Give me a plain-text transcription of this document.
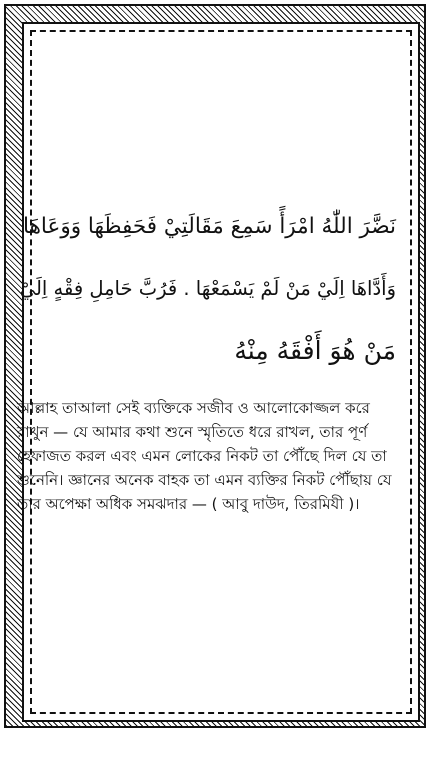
نَضَّرَ اللّٰهُ امْرَأً سَمِعَ مَقَالَتِيْ فَحَفِظَهَا وَوَعَاهَا
وَأَدَّاهَا اِلَيْ مَنْ لَمْ يَسْمَعْهَا . فَرُبَّ حَامِلِ فِقْهٍ اِلَيْ
مَنْ هُوَ أَفْقَهُ مِنْهُ

আল্লাহ তাআলা সেই ব্যক্তিকে সজীব ও আলোকোজ্জল করে
রাখুন — যে আমার কথা শুনে স্মৃতিতে ধরে রাখল, তার পূর্ণ
হেফাজত করল এবং এমন লোকের নিকট তা পৌঁছে দিল যে তা
শুনেনি। জ্ঞানের অনেক বাহক তা এমন ব্যক্তির নিকট পৌঁছায় যে
তার অপেক্ষা অধিক সমঝদার — ( আবু দাউদ, তিরমিযী )।
